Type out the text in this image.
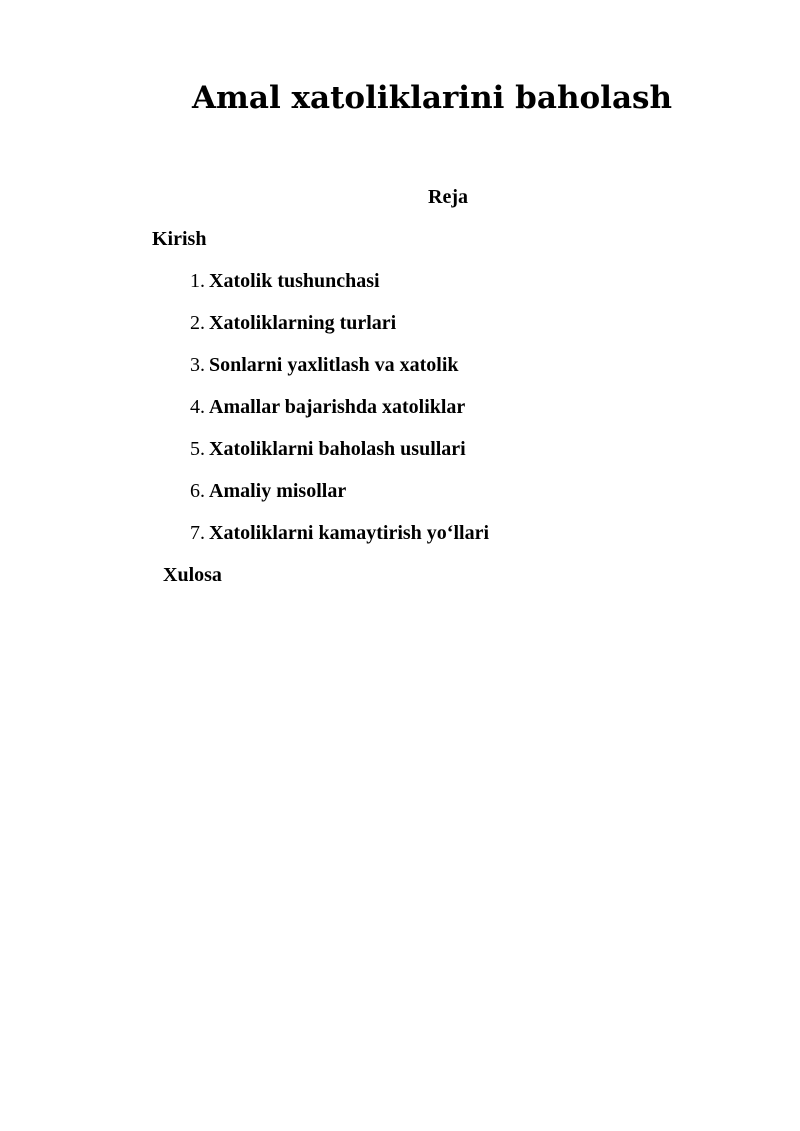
Amal xatoliklarini baholash
Reja
Kirish
1. Xatolik tushunchasi
2. Xatoliklarning turlari
3. Sonlarni yaxlitlash va xatolik
4. Amallar bajarishda xatoliklar
5. Xatoliklarni baholash usullari
6. Amaliy misollar
7. Xatoliklarni kamaytirish yo‘llari
Xulosa
